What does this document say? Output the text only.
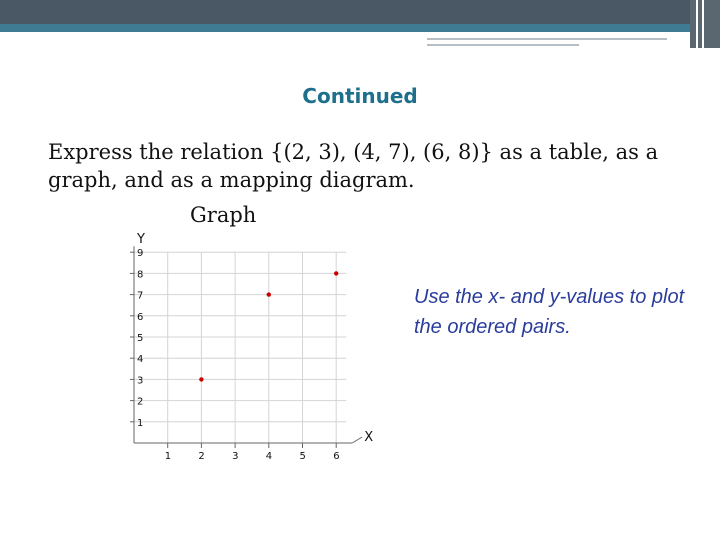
Continued
Express the relation {(2, 3), (4, 7), (6, 8)} as a table, as a graph, and as a mapping diagram.
Graph
1	2	3	4	5	6
1
2
3
4
5
6
7
8
9
Y
X
Use the x- and y-values to plot the ordered pairs.
